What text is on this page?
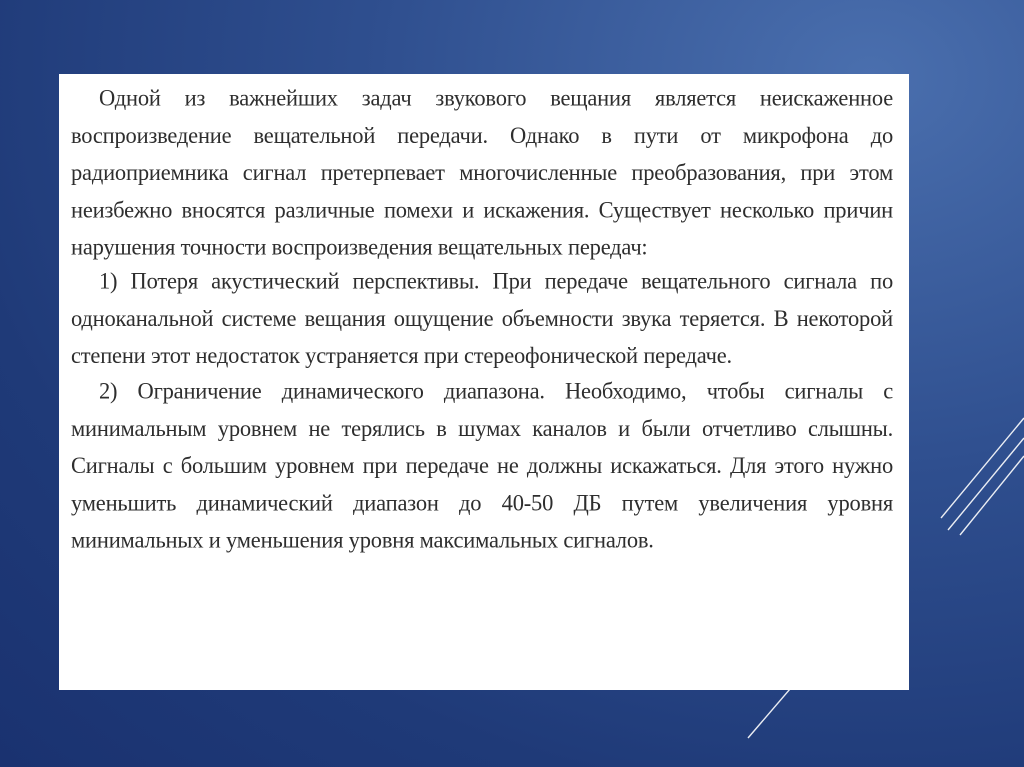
Одной из важнейших задач звукового вещания является неискаженное воспроизведение вещательной передачи. Однако в пути от микрофона до радиоприемника сигнал претерпевает многочисленные преобразования, при этом неизбежно вносятся различные помехи и искажения. Существует несколько причин нарушения точности воспроизведения вещательных передач:

1) Потеря акустический перспективы. При передаче вещательного сигнала по одноканальной системе вещания ощущение объемности звука теряется. В некоторой степени этот недостаток устраняется при стереофонической передаче.

2) Ограничение динамического диапазона. Необходимо, чтобы сигналы с минимальным уровнем не терялись в шумах каналов и были отчетливо слышны. Сигналы с большим уровнем при передаче не должны искажаться. Для этого нужно уменьшить динамический диапазон до 40-50 ДБ путем увеличения уровня минимальных и уменьшения уровня максимальных сигналов.
